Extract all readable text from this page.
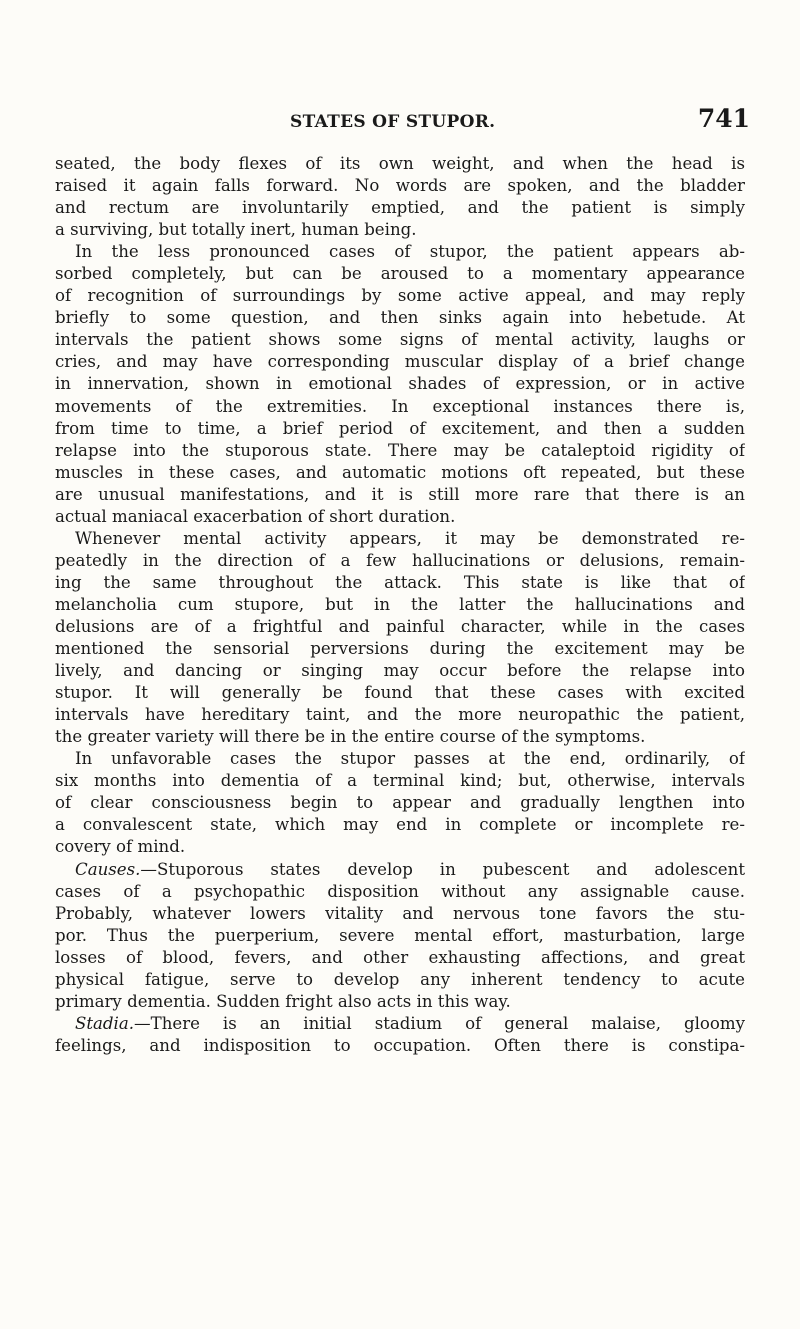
STATES OF STUPOR.	741
seated, the body flexes of its own weight, and when the head is
raised it again falls forward. No words are spoken, and the bladder
and rectum are involuntarily emptied, and the patient is simply
a surviving, but totally inert, human being.
In the less pronounced cases of stupor, the patient appears ab-
sorbed completely, but can be aroused to a momentary appearance
of recognition of surroundings by some active appeal, and may reply
briefly to some question, and then sinks again into hebetude. At
intervals the patient shows some signs of mental activity, laughs or
cries, and may have corresponding muscular display of a brief change
in innervation, shown in emotional shades of expression, or in active
movements of the extremities. In exceptional instances there is,
from time to time, a brief period of excitement, and then a sudden
relapse into the stuporous state. There may be cataleptoid rigidity of
muscles in these cases, and automatic motions oft repeated, but these
are unusual manifestations, and it is still more rare that there is an
actual maniacal exacerbation of short duration.
Whenever mental activity appears, it may be demonstrated re-
peatedly in the direction of a few hallucinations or delusions, remain-
ing the same throughout the attack. This state is like that of
melancholia cum stupore, but in the latter the hallucinations and
delusions are of a frightful and painful character, while in the cases
mentioned the sensorial perversions during the excitement may be
lively, and dancing or singing may occur before the relapse into
stupor. It will generally be found that these cases with excited
intervals have hereditary taint, and the more neuropathic the patient,
the greater variety will there be in the entire course of the symptoms.
In unfavorable cases the stupor passes at the end, ordinarily, of
six months into dementia of a terminal kind; but, otherwise, intervals
of clear consciousness begin to appear and gradually lengthen into
a convalescent state, which may end in complete or incomplete re-
covery of mind.
Causes.—Stuporous states develop in pubescent and adolescent
cases of a psychopathic disposition without any assignable cause.
Probably, whatever lowers vitality and nervous tone favors the stu-
por. Thus the puerperium, severe mental effort, masturbation, large
losses of blood, fevers, and other exhausting affections, and great
physical fatigue, serve to develop any inherent tendency to acute
primary dementia. Sudden fright also acts in this way.
Stadia.—There is an initial stadium of general malaise, gloomy
feelings, and indisposition to occupation. Often there is constipa-
